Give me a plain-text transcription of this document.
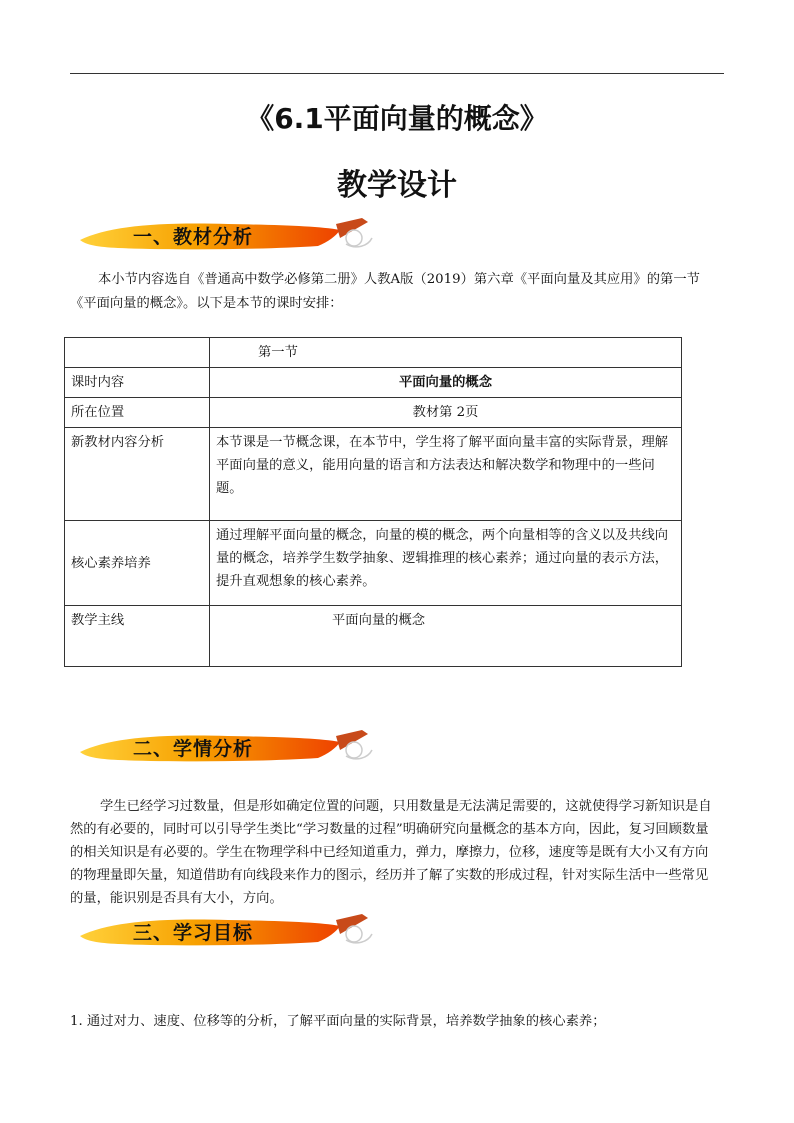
《6.1平面向量的概念》
教学设计
一、教材分析
本小节内容选自《普通高中数学必修第二册》人教A版（2019）第六章《平面向量及其应用》的第一节《平面向量的概念》。以下是本节的课时安排：
	第一节
课时内容	平面向量的概念
所在位置	教材第 2页
新教材内容分析	本节课是一节概念课，在本节中，学生将了解平面向量丰富的实际背景，理解平面向量的意义，能用向量的语言和方法表达和解决数学和物理中的一些问题。
核心素养培养	通过理解平面向量的概念，向量的模的概念，两个向量相等的含义以及共线向量的概念，培养学生数学抽象、逻辑推理的核心素养；通过向量的表示方法，提升直观想象的核心素养。
教学主线	平面向量的概念
二、学情分析
学生已经学习过数量，但是形如确定位置的问题，只用数量是无法满足需要的，这就使得学习新知识是自然的有必要的，同时可以引导学生类比“学习数量的过程”明确研究向量概念的基本方向，因此，复习回顾数量的相关知识是有必要的。学生在物理学科中已经知道重力，弹力，摩擦力，位移，速度等是既有大小又有方向的物理量即矢量，知道借助有向线段来作力的图示，经历并了解了实数的形成过程，针对实际生活中一些常见的量，能识别是否具有大小，方向。
三、学习目标
1. 通过对力、速度、位移等的分析，了解平面向量的实际背景，培养数学抽象的核心素养；
